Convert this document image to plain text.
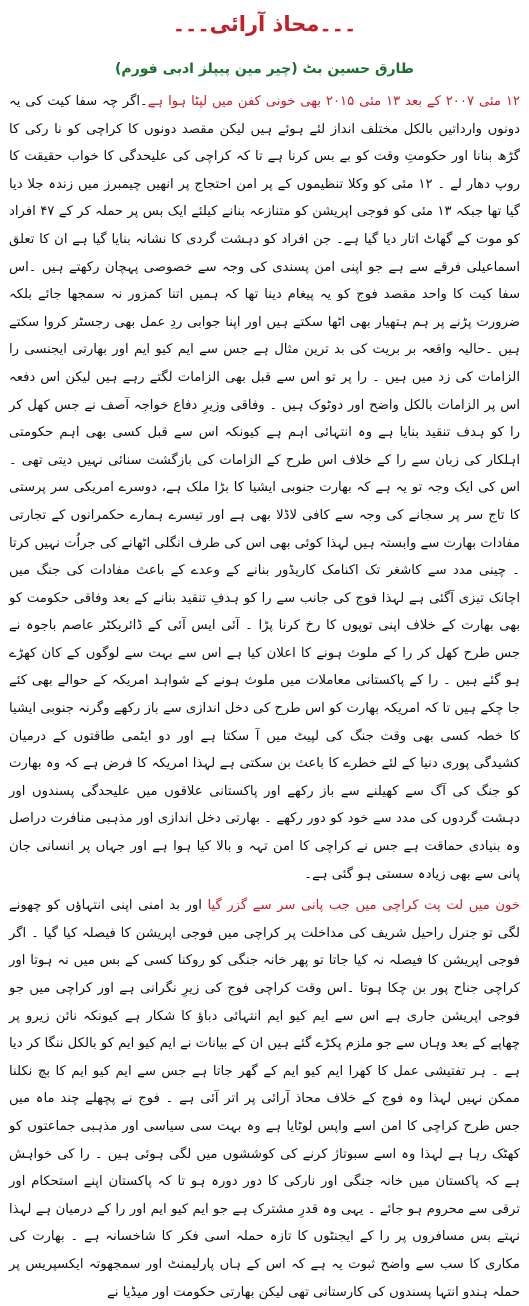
۔۔۔محاذ آرائی۔۔۔
طارق حسین بٹ (چیر مین پیپلز ادبی فورم)

۱۲ مئی ۲۰۰۷ کے بعد ۱۳ مئی ۲۰۱۵ بھی خونی کفن میں لپٹا ہوا ہے۔اگر چہ سفا کیت کی یہ دونوں وارداتیں بالکل مختلف انداز لئے ہوئے ہیں لیکن مقصد دونوں کا کراچی کو نا رکی کا گڑھ بنانا اور حکومتِ وقت کو بے بس کرنا ہے تا کہ کراچی کی علیحدگی کا خواب حقیقت کا روپ دھار لے ۔ ۱۲ مئی کو وکلا تنظیموں کے پر امن احتجاج پر انھیں چیمبرز میں زندہ جلا دیا گیا تھا جبکہ ۱۳ مئی کو فوجی اپریشن کو متنازعہ بنانے کیلئے ایک بس پر حملہ کر کے ۴۷ افراد کو موت کے گھاٹ اتار دیا گیا ہے۔ جن افراد کو دہشت گردی کا نشانہ بنایا گیا ہے ان کا تعلق اسماعیلی فرقے سے ہے جو اپنی امن پسندی کی وجہ سے خصوصی پہچان رکھتے ہیں ۔اس سفا کیت کا واحد مقصد فوج کو یہ پیغام دینا تھا کہ ہمیں اتنا کمزور نہ سمجھا جائے بلکہ ضرورت پڑنے پر ہم ہتھیار بھی اٹھا سکتے ہیں اور اپنا جوابی ردِ عمل بھی رجسٹر کروا سکتے ہیں ۔حالیہ واقعہ بر بریت کی بد ترین مثال ہے جس سے ایم کیو ایم اور بھارتی ایجنسی را الزامات کی زد میں ہیں ۔ را پر تو اس سے قبل بھی الزامات لگتے رہے ہیں لیکن اس دفعہ اس پر الزامات بالکل واضح اور دوٹوک ہیں ۔ وفاقی وزیرِ دفاع خواجہ آصف نے جس کھل کر را کو ہدف تنقید بنایا ہے وہ انتہائی اہم ہے کیونکہ اس سے قبل کسی بھی اہم حکومتی اہلکار کی زبان سے را کے خلاف اس طرح کے الزامات کی بازگشت سنائی نہیں دیتی تھی ۔اس کی ایک وجہ تو یہ ہے کہ بھارت جنوبی ایشیا کا بڑا ملک ہے، دوسرے امریکی سر پرستی کا تاج سر پر سجانے کی وجہ سے کافی لاڈلا بھی ہے اور تیسرے ہمارے حکمرانوں کے تجارتی مفادات بھارت سے وابستہ ہیں لہذا کوئی بھی اس کی طرف انگلی اٹھانے کی جراُت نہیں کرتا ۔ چینی مدد سے کاشغر تک اکنامک کاریڈور بنانے کے وعدے کے باعث مفادات کی جنگ میں اچانک تیزی آگئی ہے لہذا فوج کی جانب سے را کو ہدفِ تنقید بنانے کے بعد وفاقی حکومت کو بھی بھارت کے خلاف اپنی توپوں کا رخ کرنا پڑا ۔ آئی ایس آئی کے ڈائریکٹر عاصم باجوہ نے جس طرح کھل کر را کے ملوث ہونے کا اعلان کیا ہے اس سے بہت سے لوگوں کے کان کھڑے ہو گئے ہیں ۔ را کے پاکستانی معاملات میں ملوث ہونے کے شواہد امریکہ کے حوالے بھی کئے جا چکے ہیں تا کہ امریکہ بھارت کو اس طرح کی دخل اندازی سے باز رکھے وگرنہ جنوبی ایشیا کا خطہ کسی بھی وقت جنگ کی لپیٹ میں آ سکتا ہے اور دو ایٹمی طاقتوں کے درمیان کشیدگی پوری دنیا کے لئے خطرے کا باعث بن سکتی ہے لہذا امریکہ کا فرض ہے کہ وہ بھارت کو جنگ کی آگ سے کھیلنے سے باز رکھے اور پاکستانی علاقوں میں علیحدگی پسندوں اور دہشت گردوں کی مدد سے خود کو دور رکھے ۔ بھارتی دخل اندازی اور مذہبی منافرت دراصل وہ بنیادی حماقت ہے جس نے کراچی کا امن تہہ و بالا کیا ہوا ہے اور جہاں پر انسانی جان پانی سے بھی زیادہ سستی ہو گئی ہے۔

خون میں لت پت کراچی میں جب پانی سر سے گزر گیا اور بد امنی اپنی انتہاؤں کو چھونے لگی تو جنرل راحیل شریف کی مداخلت پر کراچی میں فوجی اپریشن کا فیصلہ کیا گیا ۔ اگر فوجی اپریشن کا فیصلہ نہ کیا جاتا تو پھر خانہ جنگی کو روکنا کسی کے بس میں نہ ہوتا اور کراچی جناح پور بن چکا ہوتا ۔اس وقت کراچی فوج کی زیرِ نگرانی ہے اور کراچی میں جو فوجی اپریشن جاری ہے اس سے ایم کیو ایم انتہائی دباؤ کا شکار ہے کیونکہ نائن زیرو پر چھاپے کے بعد وہاں سے جو ملزم پکڑے گئے ہیں ان کے بیانات نے ایم کیو ایم کو بالکل ننگا کر دیا ہے ۔ ہر تفتیشی عمل کا کھرا ایم کیو ایم کے گھر جاتا ہے جس سے ایم کیو ایم کا بچ نکلنا ممکن نہیں لہذا وہ فوج کے خلاف محاذ آرائی پر اتر آئی ہے ۔ فوج نے پچھلے چند ماہ میں جس طرح کراچی کا امن اسے واپس لوٹایا ہے وہ بہت سی سیاسی اور مذہبی جماعتوں کو کھٹک رہا ہے لہذا وہ اسے سبوتاژ کرنے کی کوششوں میں لگی ہوئی ہیں ۔ را کی خواہش ہے کہ پاکستان میں خانہ جنگی اور نارکی کا دور دورہ ہو تا کہ پاکستان اپنے استحکام اور ترقی سے محروم ہو جائے ۔ یہی وہ قدرِ مشترک ہے جو ایم کیو ایم اور را کے درمیان ہے لہذا نہتے بس مسافروں پر را کے ایجنٹوں کا تازہ حملہ اسی فکر کا شاخسانہ ہے ۔ بھارت کی مکاری کا سب سے واضح ثبوت یہ ہے کہ اس کے ہاں پارلیمنٹ اور سمجھوتہ ایکسپریس پر حملہ ہندو انتہا پسندوں کی کارستانی تھی لیکن بھارتی حکومت اور میڈیا نے
